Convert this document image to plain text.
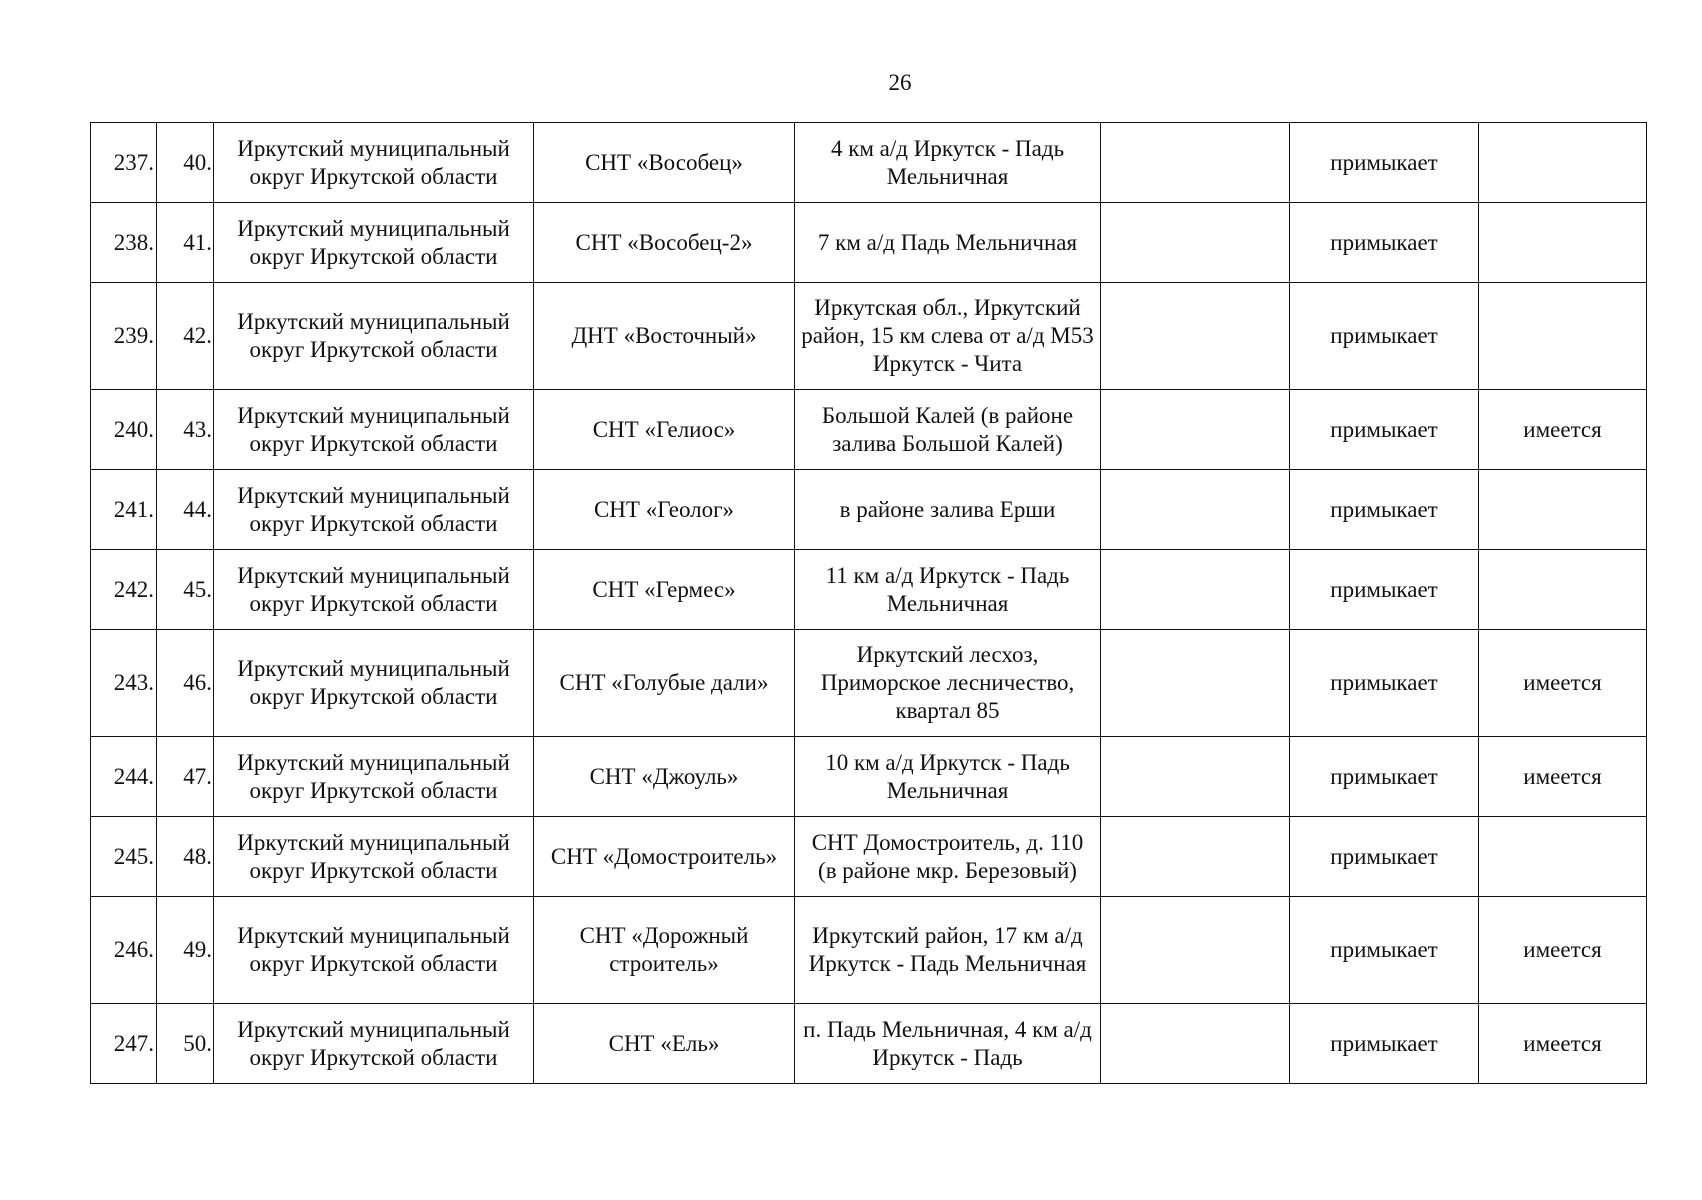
26
237.	40.	Иркутский муниципальный округ Иркутской области	СНТ «Вособец»	4 км а/д Иркутск - Падь Мельничная		примыкает	
238.	41.	Иркутский муниципальный округ Иркутской области	СНТ «Вособец-2»	7 км а/д Падь Мельничная		примыкает	
239.	42.	Иркутский муниципальный округ Иркутской области	ДНТ «Восточный»	Иркутская обл., Иркутский район, 15 км слева от а/д М53 Иркутск - Чита		примыкает	
240.	43.	Иркутский муниципальный округ Иркутской области	СНТ «Гелиос»	Большой Калей (в районе залива Большой Калей)		примыкает	имеется
241.	44.	Иркутский муниципальный округ Иркутской области	СНТ «Геолог»	в районе залива Ерши		примыкает	
242.	45.	Иркутский муниципальный округ Иркутской области	СНТ «Гермес»	11 км а/д Иркутск - Падь Мельничная		примыкает	
243.	46.	Иркутский муниципальный округ Иркутской области	СНТ «Голубые дали»	Иркутский лесхоз, Приморское лесничество, квартал 85		примыкает	имеется
244.	47.	Иркутский муниципальный округ Иркутской области	СНТ «Джоуль»	10 км а/д Иркутск - Падь Мельничная		примыкает	имеется
245.	48.	Иркутский муниципальный округ Иркутской области	СНТ «Домостроитель»	СНТ Домостроитель, д. 110 (в районе мкр. Березовый)		примыкает	
246.	49.	Иркутский муниципальный округ Иркутской области	СНТ «Дорожный строитель»	Иркутский район, 17 км а/д Иркутск - Падь Мельничная		примыкает	имеется
247.	50.	Иркутский муниципальный округ Иркутской области	СНТ «Ель»	п. Падь Мельничная, 4 км а/д Иркутск - Падь		примыкает	имеется
